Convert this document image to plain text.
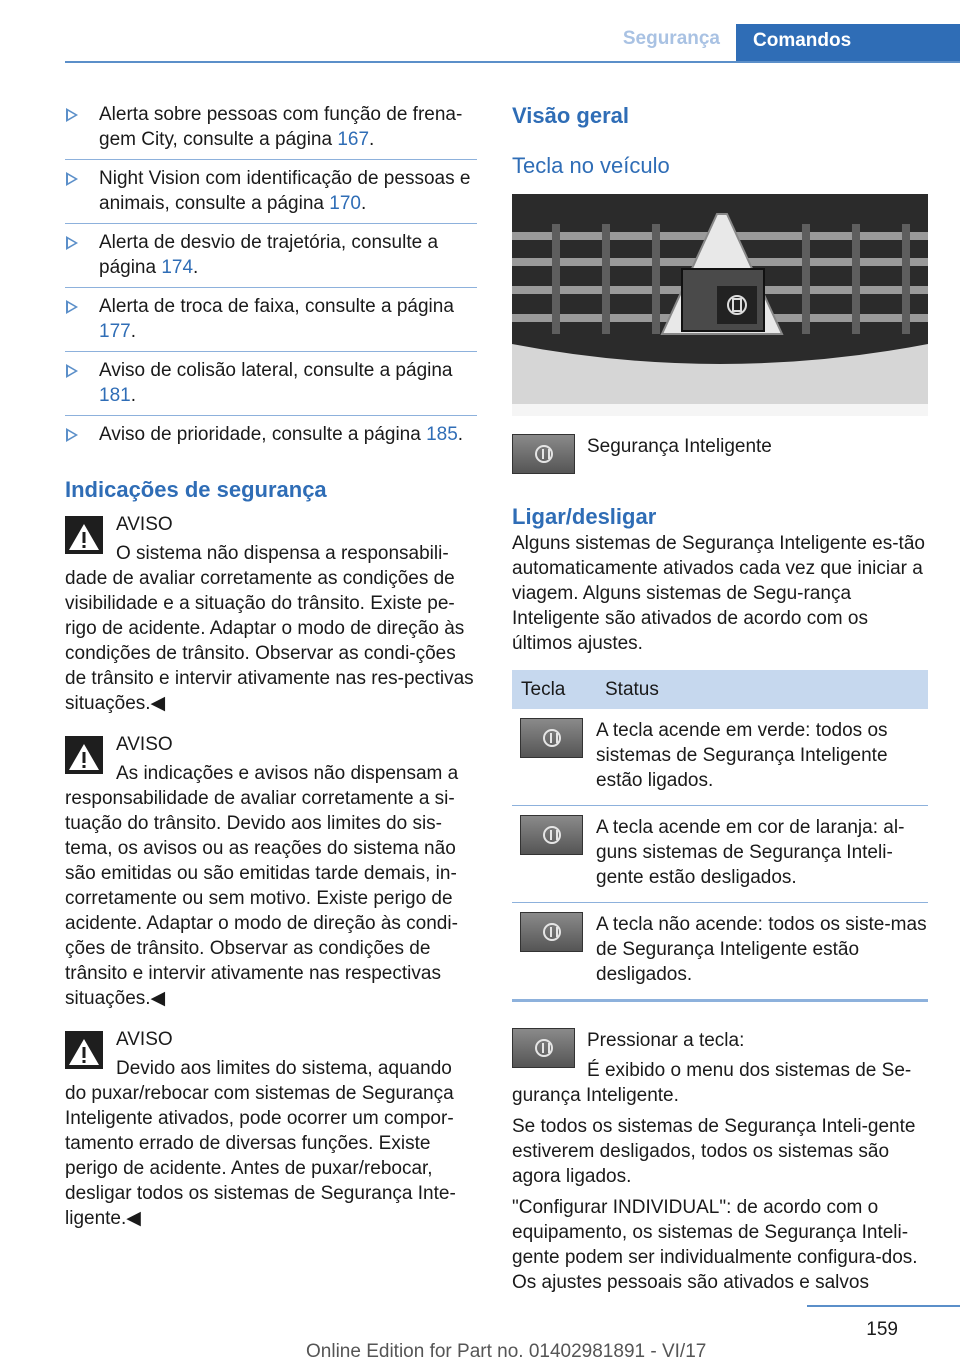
Segurança	Comandos
Alerta sobre pessoas com função de frena‐gem City, consulte a página 167.
Night Vision com identificação de pessoas e animais, consulte a página 170.
Alerta de desvio de trajetória, consulte a página 174.
Alerta de troca de faixa, consulte a página 177.
Aviso de colisão lateral, consulte a página 181.
Aviso de prioridade, consulte a página 185.
Indicações de segurança

AVISO

O sistema não dispensa a responsabili‐

dade de avaliar corretamente as condições de visibilidade e a situação do trânsito. Existe pe‐rigo de acidente. Adaptar o modo de direção às condições de trânsito. Observar as condi‐ções de trânsito e intervir ativamente nas res‐pectivas situações.◀

AVISO

As indicações e avisos não dispensam a

responsabilidade de avaliar corretamente a si‐tuação do trânsito. Devido aos limites do sis‐tema, os avisos ou as reações do sistema não são emitidas ou são emitidas tarde demais, in‐corretamente ou sem motivo. Existe perigo de acidente. Adaptar o modo de direção às condi‐ções de trânsito. Observar as condições de trânsito e intervir ativamente nas respectivas situações.◀

AVISO

Devido aos limites do sistema, aquando

do puxar/rebocar com sistemas de Segurança Inteligente ativados, pode ocorrer um compor‐tamento errado de diversas funções. Existe perigo de acidente. Antes de puxar/rebocar, desligar todos os sistemas de Segurança Inte‐ligente.◀

Visão geral
Tecla no veículo

Segurança Inteligente

Ligar/desligar

Alguns sistemas de Segurança Inteligente es‐tão automaticamente ativados cada vez que iniciar a viagem. Alguns sistemas de Segu‐rança Inteligente são ativados de acordo com os últimos ajustes.

Tecla	Status

	A tecla acende em verde: todos os sistemas de Segurança Inteligente estão ligados.

	A tecla acende em cor de laranja: al‐guns sistemas de Segurança Inteli‐gente estão desligados.

	A tecla não acende: todos os siste‐mas de Segurança Inteligente estão desligados.

Pressionar a tecla:

É exibido o menu dos sistemas de Se‐

gurança Inteligente.

Se todos os sistemas de Segurança Inteli‐gente estiverem desligados, todos os sistemas são agora ligados.

"Configurar INDIVIDUAL": de acordo com o equipamento, os sistemas de Segurança Inteli‐gente podem ser individualmente configura‐dos. Os ajustes pessoais são ativados e salvos

159
Online Edition for Part no. 01402981891 - VI/17
